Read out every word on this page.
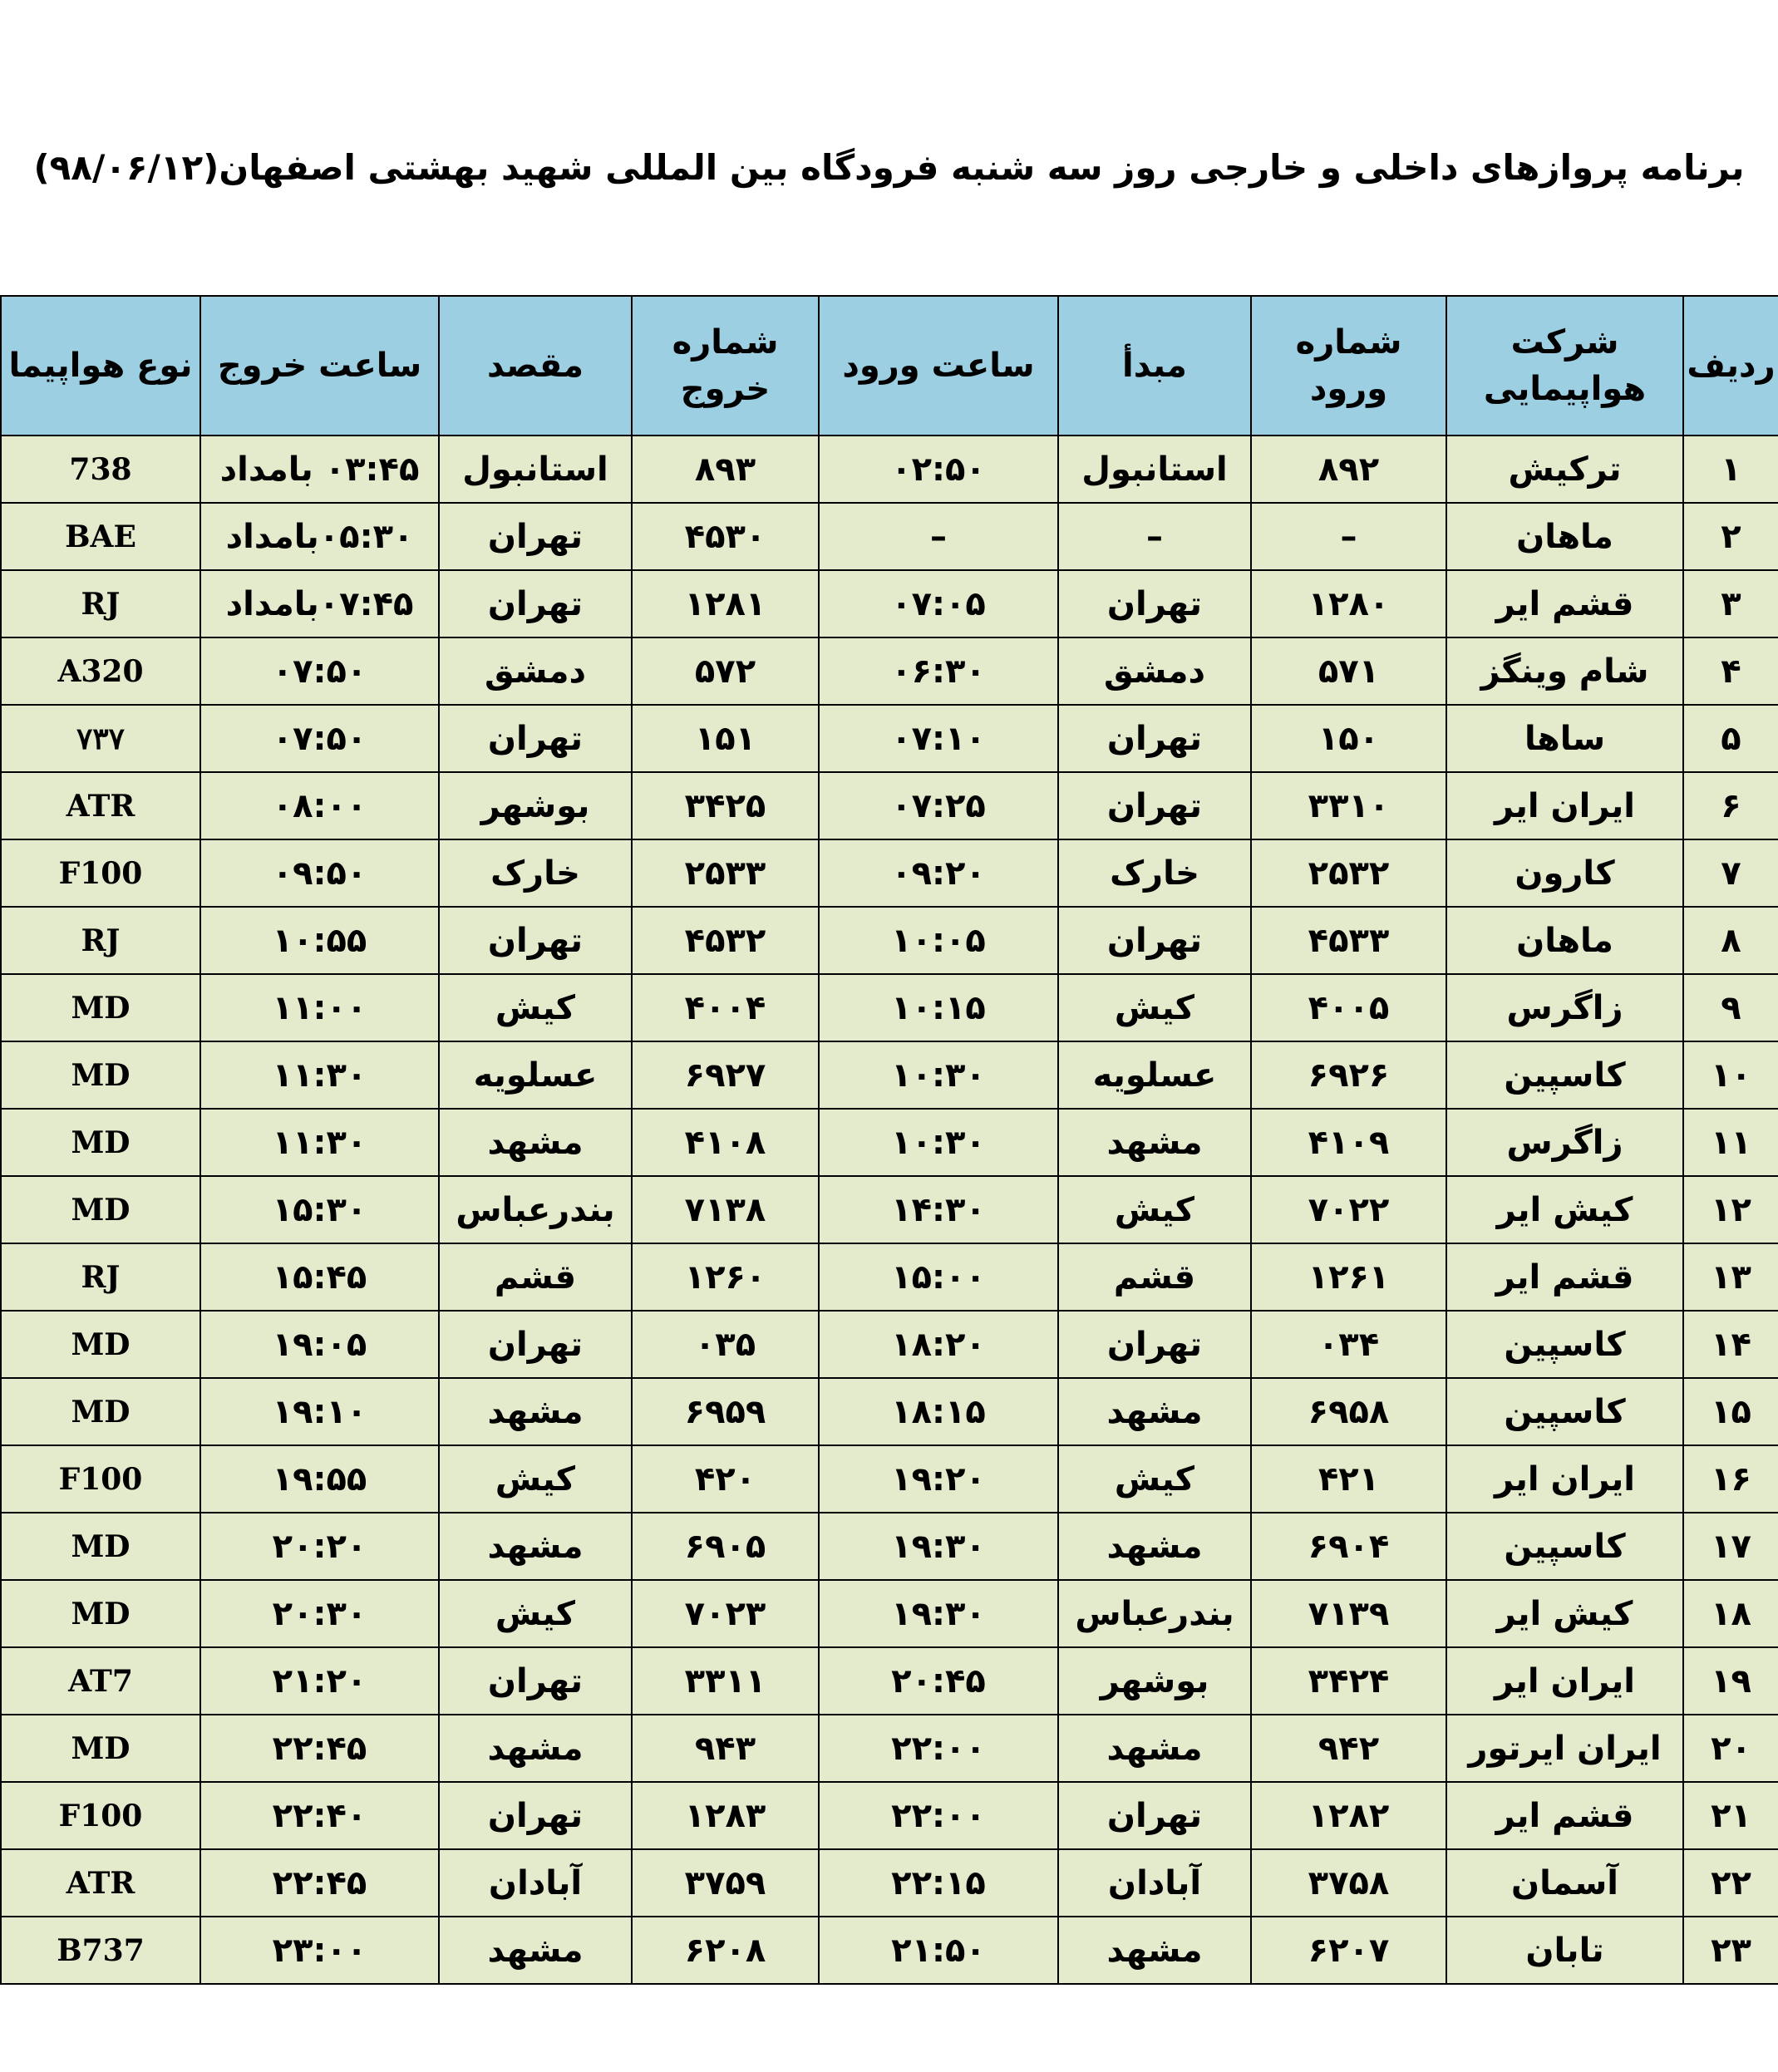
برنامه پروازهای داخلی و خارجی روز سه شنبه فرودگاه بین المللی شهید بهشتی اصفهان(۹۸/۰۶/۱۲)
ردیف	شرکت هواپیمایی	شماره ورود	مبدأ	ساعت ورود	شماره خروج	مقصد	ساعت خروج	نوع هواپیما
۱	ترکیش	۸۹۲	استانبول	۰۲:۵۰	۸۹۳	استانبول	۰۳:۴۵ بامداد	738
۲	ماهان	–	–	–	۴۵۳۰	تهران	۰۵:۳۰بامداد	BAE
۳	قشم ایر	۱۲۸۰	تهران	۰۷:۰۵	۱۲۸۱	تهران	۰۷:۴۵بامداد	RJ
۴	شام وینگز	۵۷۱	دمشق	۰۶:۳۰	۵۷۲	دمشق	۰۷:۵۰	A320
۵	ساها	۱۵۰	تهران	۰۷:۱۰	۱۵۱	تهران	۰۷:۵۰	۷۳۷
۶	ایران ایر	۳۳۱۰	تهران	۰۷:۲۵	۳۴۲۵	بوشهر	۰۸:۰۰	ATR
۷	کارون	۲۵۳۲	خارک	۰۹:۲۰	۲۵۳۳	خارک	۰۹:۵۰	F100
۸	ماهان	۴۵۳۳	تهران	۱۰:۰۵	۴۵۳۲	تهران	۱۰:۵۵	RJ
۹	زاگرس	۴۰۰۵	کیش	۱۰:۱۵	۴۰۰۴	کیش	۱۱:۰۰	MD
۱۰	کاسپین	۶۹۲۶	عسلویه	۱۰:۳۰	۶۹۲۷	عسلویه	۱۱:۳۰	MD
۱۱	زاگرس	۴۱۰۹	مشهد	۱۰:۳۰	۴۱۰۸	مشهد	۱۱:۳۰	MD
۱۲	کیش ایر	۷۰۲۲	کیش	۱۴:۳۰	۷۱۳۸	بندرعباس	۱۵:۳۰	MD
۱۳	قشم ایر	۱۲۶۱	قشم	۱۵:۰۰	۱۲۶۰	قشم	۱۵:۴۵	RJ
۱۴	کاسپین	۰۳۴	تهران	۱۸:۲۰	۰۳۵	تهران	۱۹:۰۵	MD
۱۵	کاسپین	۶۹۵۸	مشهد	۱۸:۱۵	۶۹۵۹	مشهد	۱۹:۱۰	MD
۱۶	ایران ایر	۴۲۱	کیش	۱۹:۲۰	۴۲۰	کیش	۱۹:۵۵	F100
۱۷	کاسپین	۶۹۰۴	مشهد	۱۹:۳۰	۶۹۰۵	مشهد	۲۰:۲۰	MD
۱۸	کیش ایر	۷۱۳۹	بندرعباس	۱۹:۳۰	۷۰۲۳	کیش	۲۰:۳۰	MD
۱۹	ایران ایر	۳۴۲۴	بوشهر	۲۰:۴۵	۳۳۱۱	تهران	۲۱:۲۰	AT7
۲۰	ایران ایرتور	۹۴۲	مشهد	۲۲:۰۰	۹۴۳	مشهد	۲۲:۴۵	MD
۲۱	قشم ایر	۱۲۸۲	تهران	۲۲:۰۰	۱۲۸۳	تهران	۲۲:۴۰	F100
۲۲	آسمان	۳۷۵۸	آبادان	۲۲:۱۵	۳۷۵۹	آبادان	۲۲:۴۵	ATR
۲۳	تابان	۶۲۰۷	مشهد	۲۱:۵۰	۶۲۰۸	مشهد	۲۳:۰۰	B737
